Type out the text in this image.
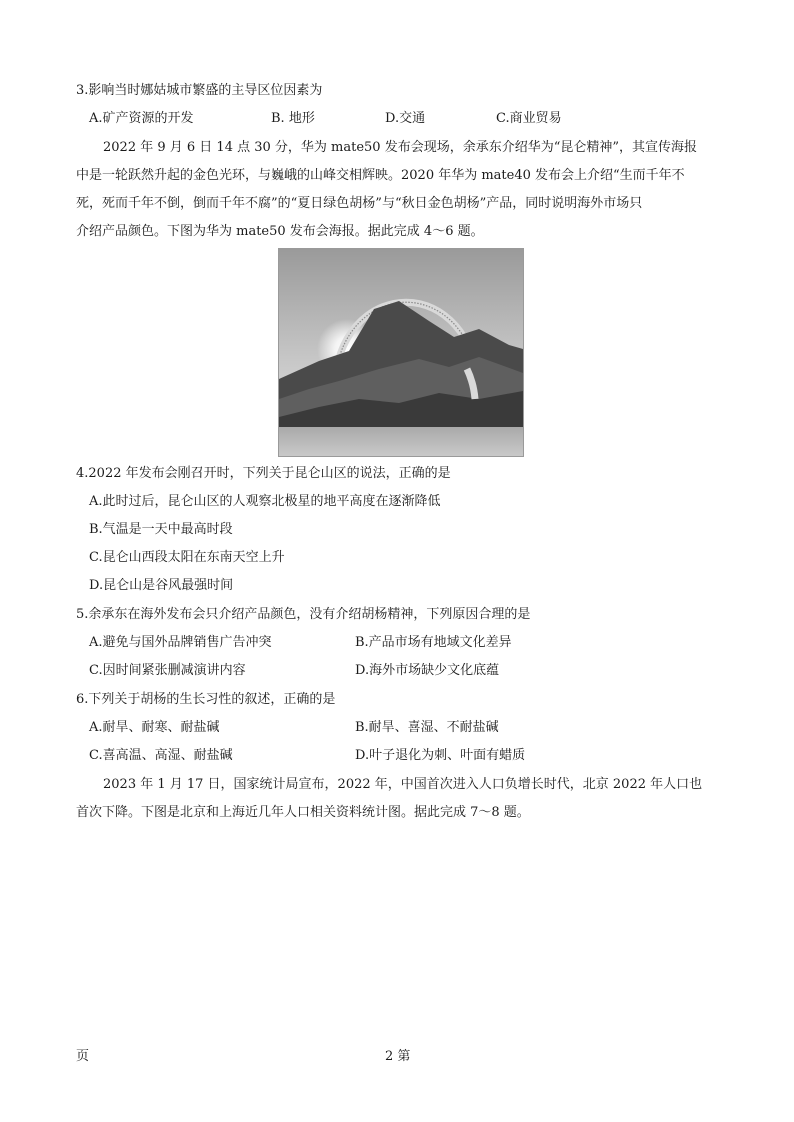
3.影响当时娜姑城市繁盛的主导区位因素为
A.矿产资源的开发	B. 地形	D.交通	C.商业贸易
2022 年 9 月 6 日 14 点 30 分，华为 mate50 发布会现场，余承东介绍华为“昆仑精神”，其宣传海报
中是一轮跃然升起的金色光环，与巍峨的山峰交相辉映。2020 年华为 mate40 发布会上介绍“生而千年不
死，死而千年不倒，倒而千年不腐”的“夏日绿色胡杨”与“秋日金色胡杨”产品，同时说明海外市场只
介绍产品颜色。下图为华为 mate50 发布会海报。据此完成 4～6 题。
4.2022 年发布会刚召开时，下列关于昆仑山区的说法，正确的是
A.此时过后，昆仑山区的人观察北极星的地平高度在逐渐降低
B.气温是一天中最高时段
C.昆仑山西段太阳在东南天空上升
D.昆仑山是谷风最强时间
5.余承东在海外发布会只介绍产品颜色，没有介绍胡杨精神，下列原因合理的是
A.避免与国外品牌销售广告冲突	B.产品市场有地域文化差异
C.因时间紧张删减演讲内容	D.海外市场缺少文化底蕴
6.下列关于胡杨的生长习性的叙述，正确的是
A.耐旱、耐寒、耐盐碱	B.耐旱、喜湿、不耐盐碱
C.喜高温、高湿、耐盐碱	D.叶子退化为刺、叶面有蜡质
2023 年 1 月 17 日，国家统计局宣布，2022 年，中国首次进入人口负增长时代，北京 2022 年人口也
首次下降。下图是北京和上海近几年人口相关资料统计图。据此完成 7～8 题。
页	2 第
